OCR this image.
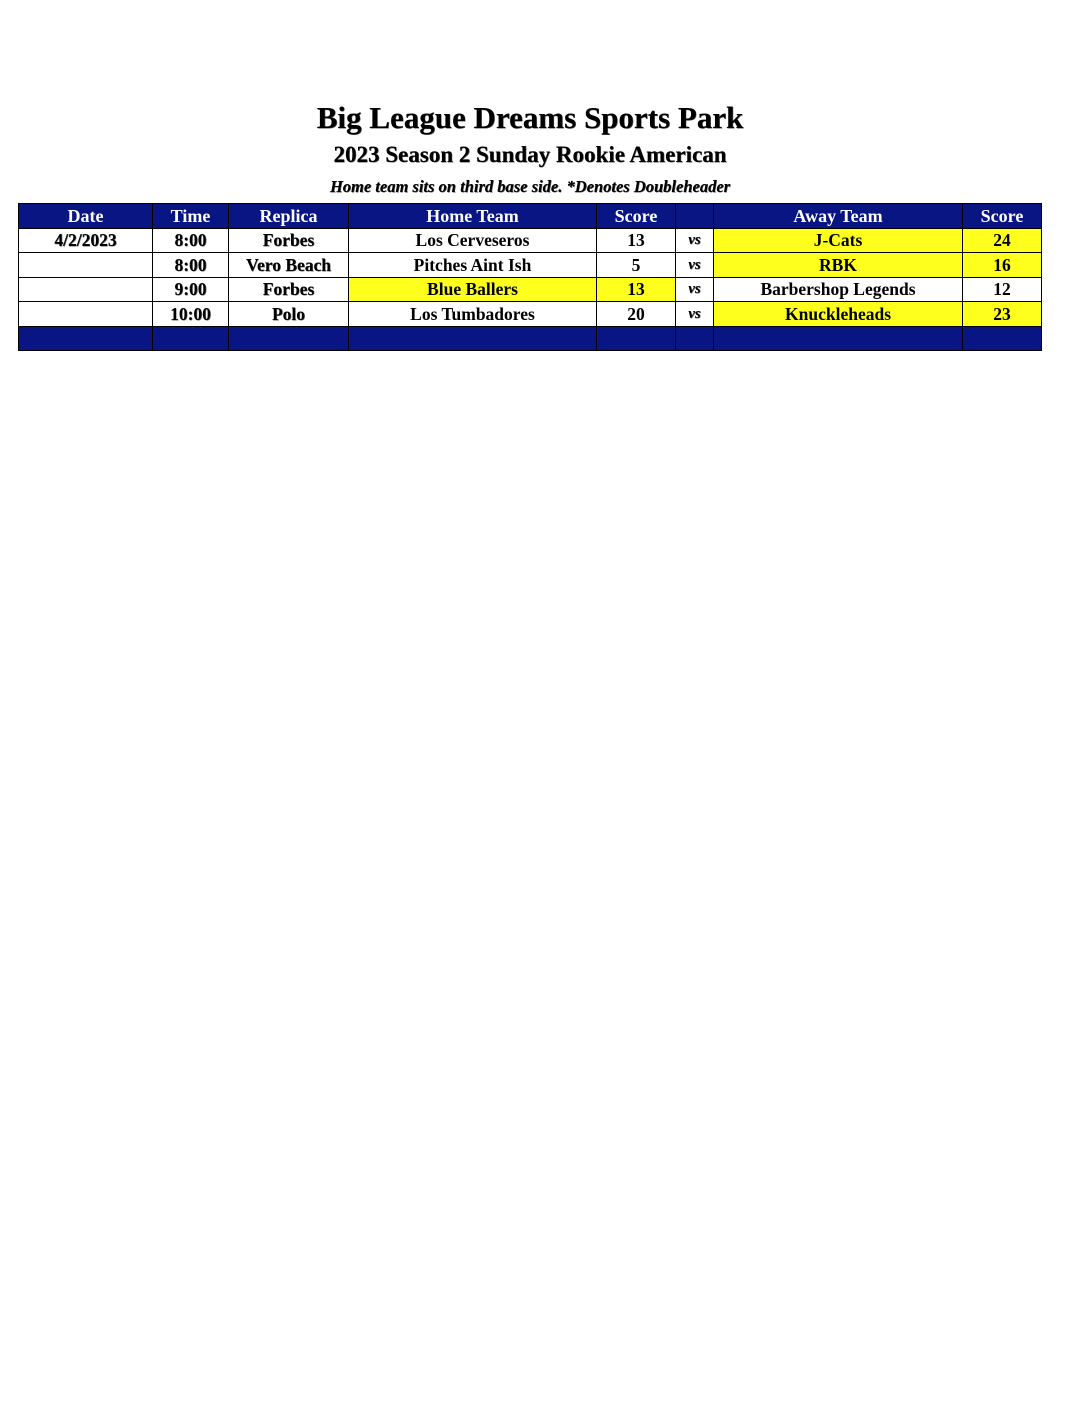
Big League Dreams Sports Park
2023 Season 2 Sunday Rookie American
Home team sits on third base side. *Denotes Doubleheader
Date	Time	Replica	Home Team	Score		Away Team	Score
4/2/2023	8:00	Forbes	Los Cerveseros	13	vs	J-Cats	24
	8:00	Vero Beach	Pitches Aint Ish	5	vs	RBK	16
	9:00	Forbes	Blue Ballers	13	vs	Barbershop Legends	12
	10:00	Polo	Los Tumbadores	20	vs	Knuckleheads	23
